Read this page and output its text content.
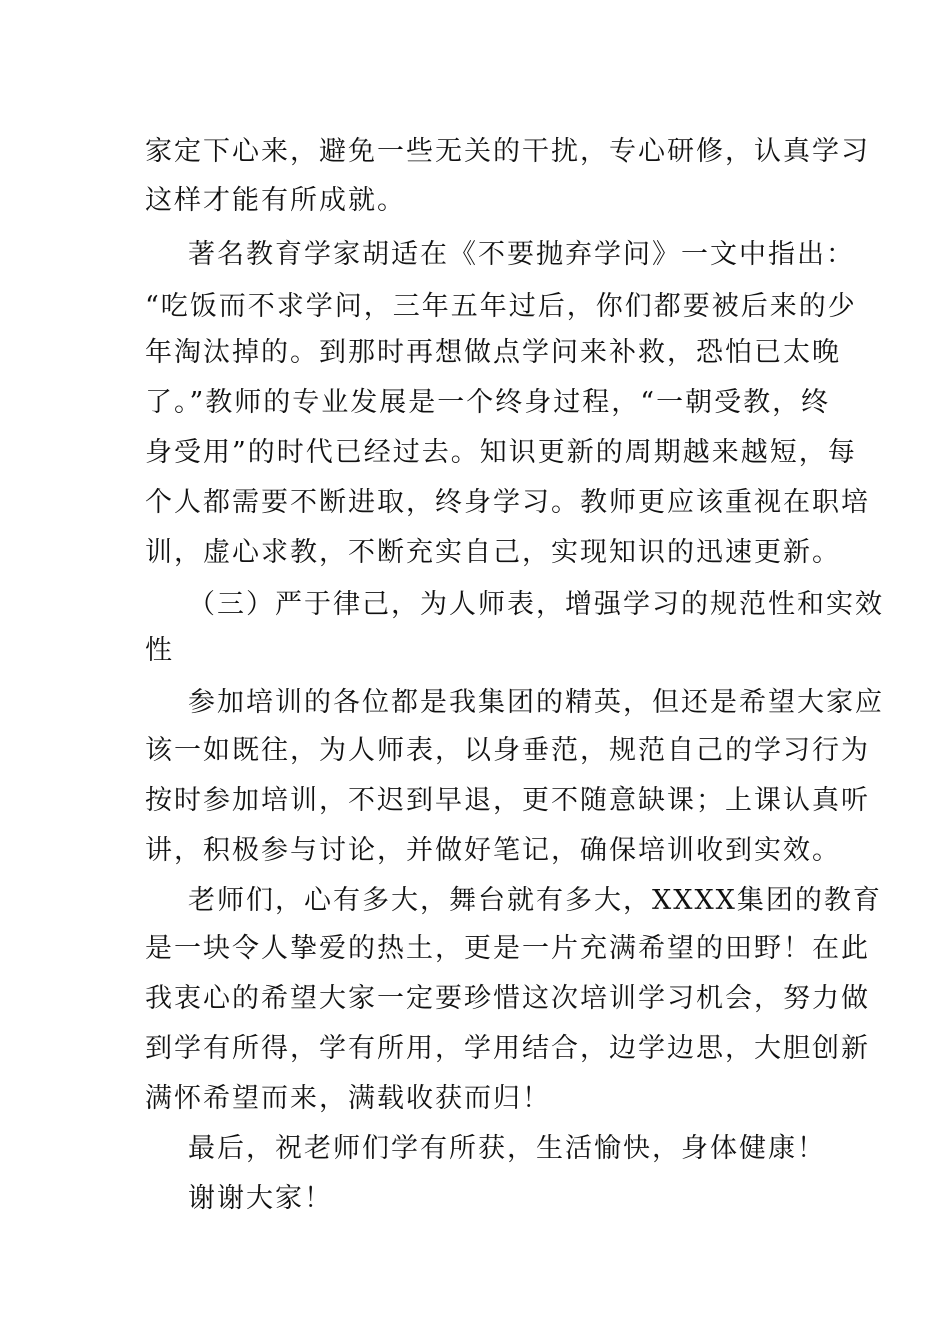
家定下心来，避免一些无关的干扰，专心研修，认真学习
这样才能有所成就。
著名教育学家胡适在《不要抛弃学问》一文中指出：
“吃饭而不求学问，三年五年过后，你们都要被后来的少
年淘汰掉的。到那时再想做点学问来补救，恐怕已太晚
了。”教师的专业发展是一个终身过程，“一朝受教，终
身受用”的时代已经过去。知识更新的周期越来越短，每
个人都需要不断进取，终身学习。教师更应该重视在职培
训，虚心求教，不断充实自己，实现知识的迅速更新。
（三）严于律己，为人师表，增强学习的规范性和实效
性
参加培训的各位都是我集团的精英，但还是希望大家应
该一如既往，为人师表，以身垂范，规范自己的学习行为
按时参加培训，不迟到早退，更不随意缺课；上课认真听
讲，积极参与讨论，并做好笔记，确保培训收到实效。
老师们，心有多大，舞台就有多大，XXXX集团的教育
是一块令人挚爱的热土，更是一片充满希望的田野！在此
我衷心的希望大家一定要珍惜这次培训学习机会，努力做
到学有所得，学有所用，学用结合，边学边思，大胆创新
满怀希望而来，满载收获而归！
最后，祝老师们学有所获，生活愉快，身体健康！
谢谢大家！
